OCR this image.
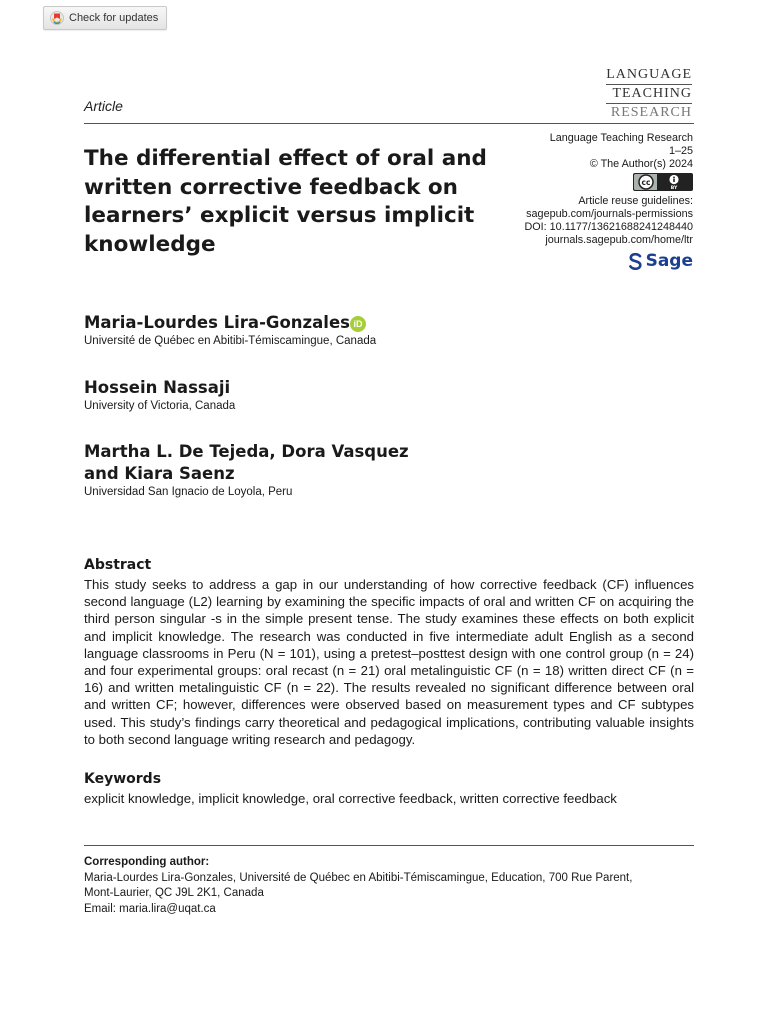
Check for updates
LANGUAGE
TEACHING
RESEARCH
Article
The differential effect of oral and written corrective feedback on learners’ explicit versus implicit knowledge
Language Teaching Research
1–25
© The Author(s) 2024
cc
BY
Article reuse guidelines:
sagepub.com/journals-permissions
DOI: 10.1177/13621688241248440
journals.sagepub.com/home/ltr
Sage
Maria-Lourdes Lira-Gonzales iD
Université de Québec en Abitibi-Témiscamingue, Canada
Hossein Nassaji
University of Victoria, Canada
Martha L. De Tejeda, Dora Vasquez
and Kiara Saenz
Universidad San Ignacio de Loyola, Peru
Abstract

This study seeks to address a gap in our understanding of how corrective feedback (CF) influences second language (L2) learning by examining the specific impacts of oral and written CF on acquiring the third person singular -s in the simple present tense. The study examines these effects on both explicit and implicit knowledge. The research was conducted in five intermediate adult English as a second language classrooms in Peru (N = 101), using a pretest–posttest design with one control group (n = 24) and four experimental groups: oral recast (n = 21) oral metalinguistic CF (n = 18) written direct CF (n = 16) and written metalinguistic CF (n = 22). The results revealed no significant difference between oral and written CF; however, differences were observed based on measurement types and CF subtypes used. This study’s findings carry theoretical and pedagogical implications, contributing valuable insights to both second language writing research and pedagogy.

Keywords
explicit knowledge, implicit knowledge, oral corrective feedback, written corrective feedback
Corresponding author:
Maria-Lourdes Lira-Gonzales, Université de Québec en Abitibi-Témiscamingue, Education, 700 Rue Parent,
Mont-Laurier, QC J9L 2K1, Canada
Email: maria.lira@uqat.ca
